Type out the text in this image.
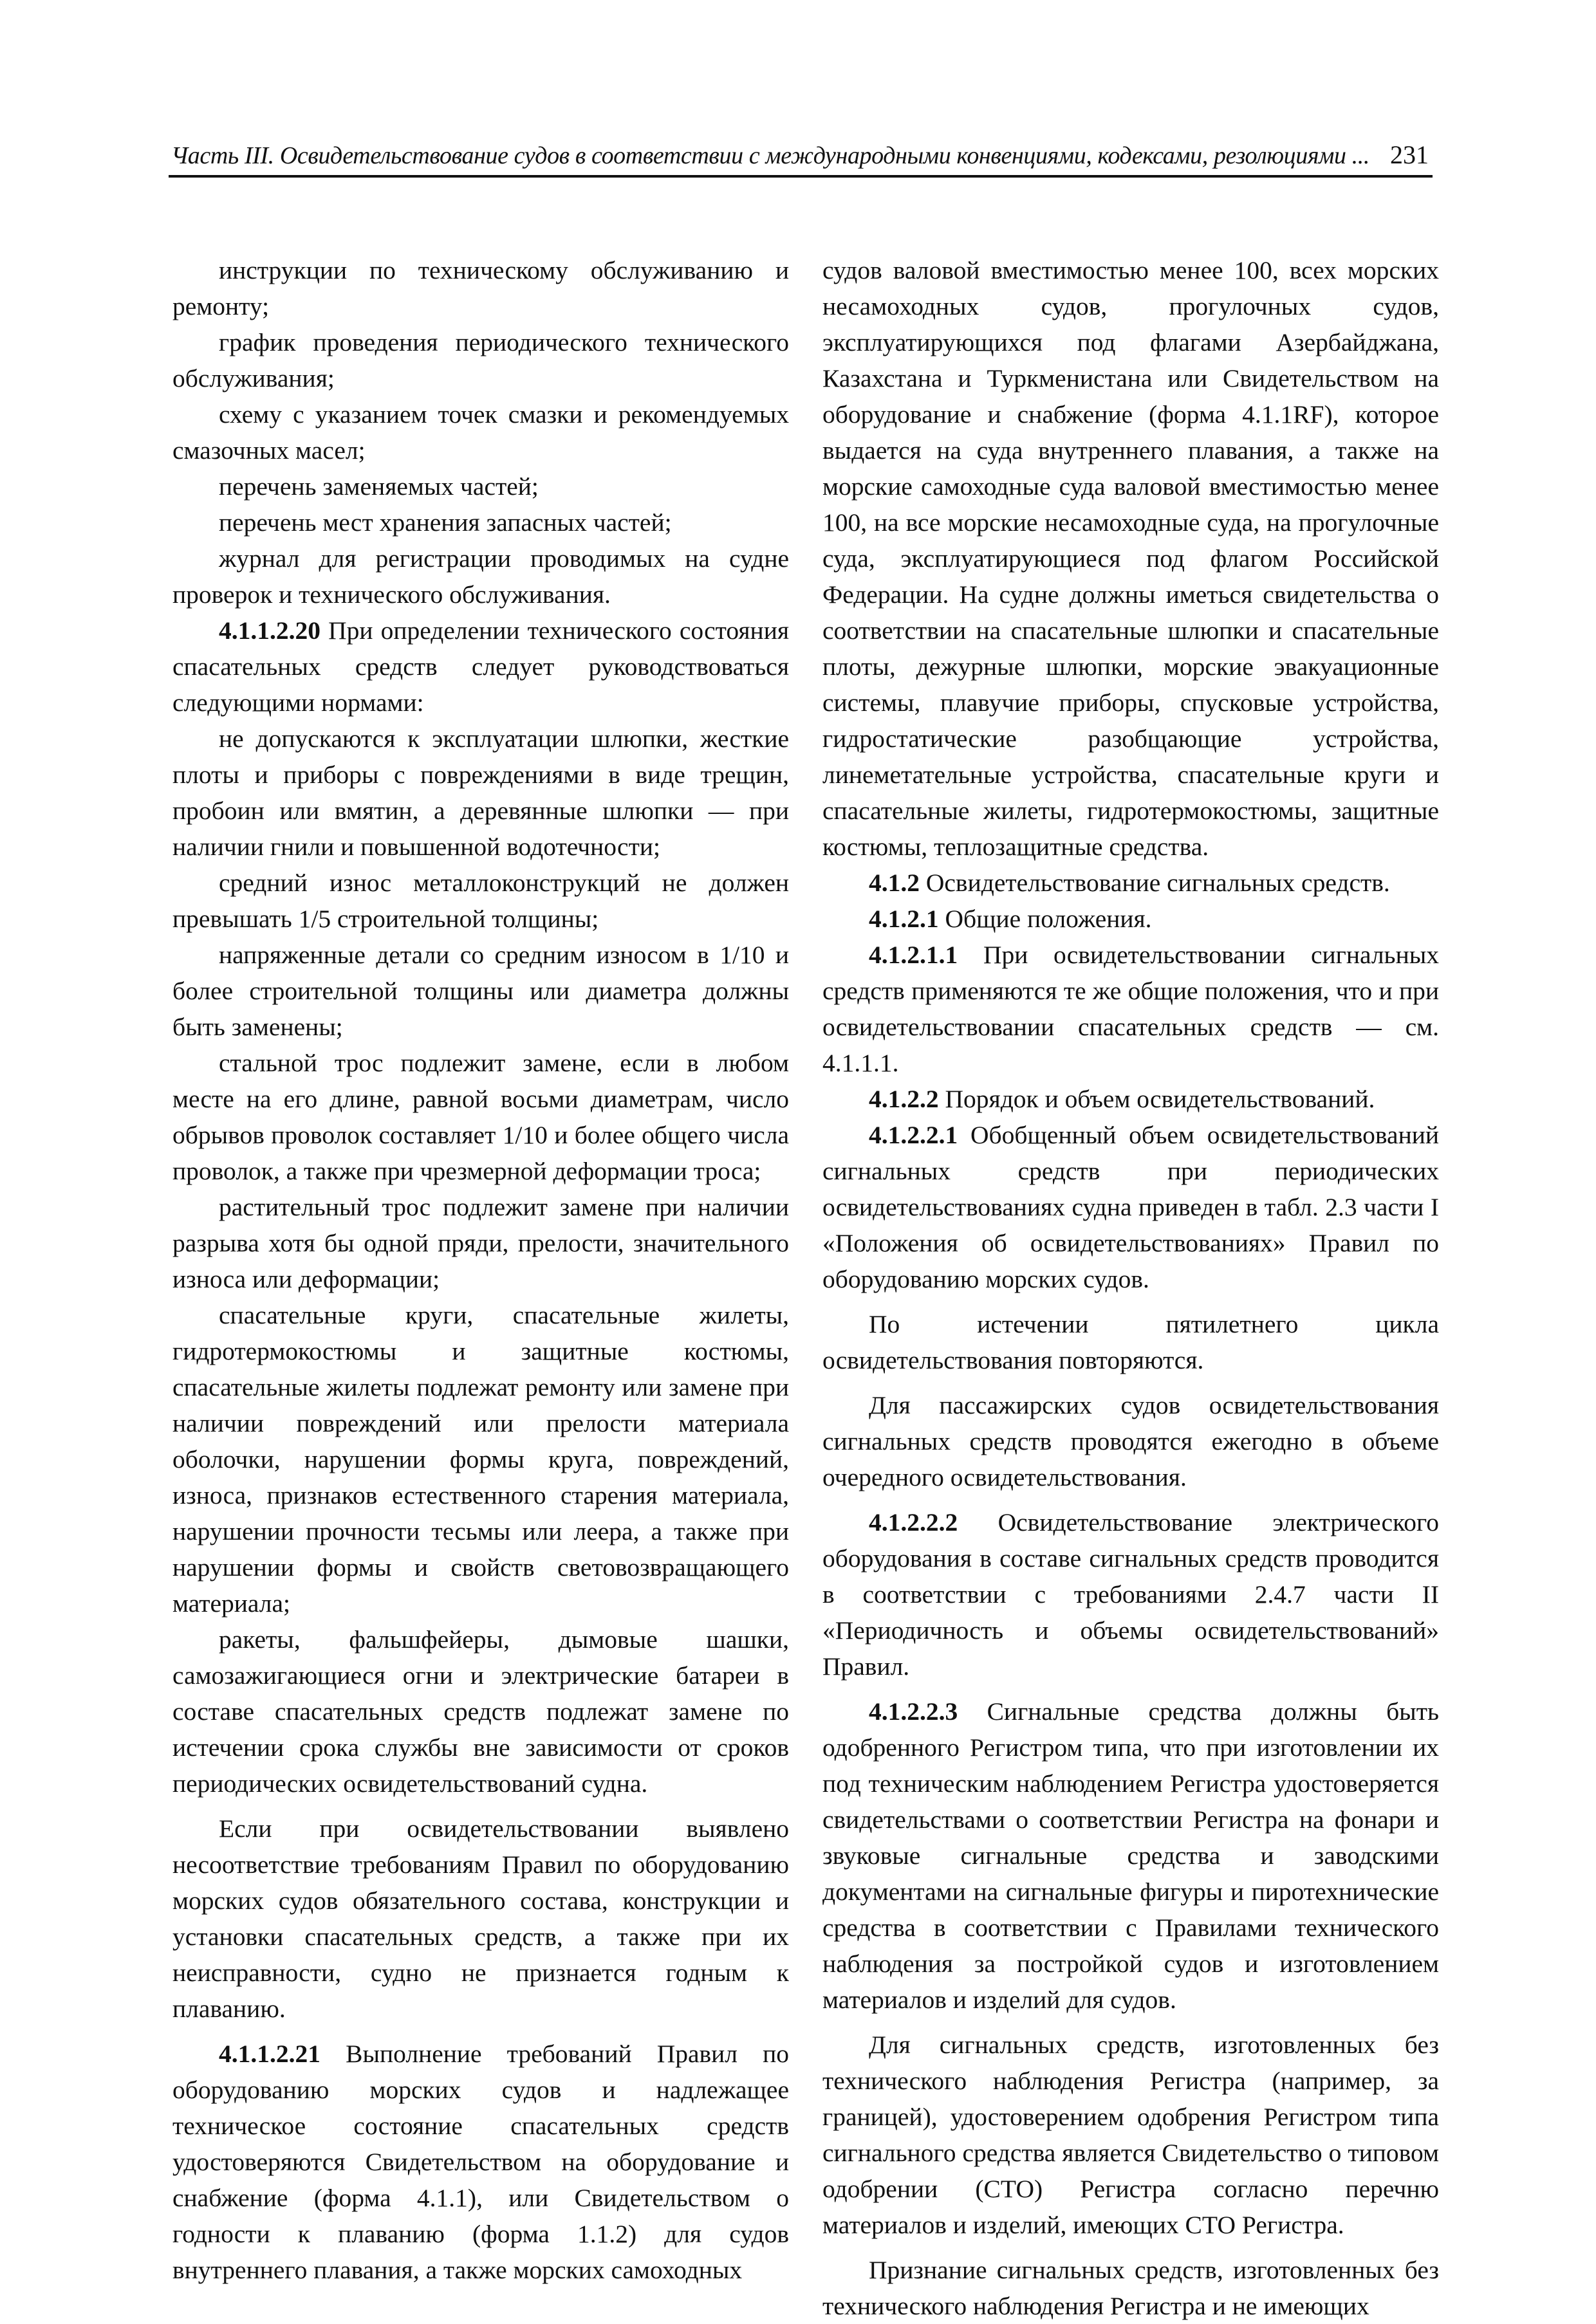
Часть III. Освидетельствование судов в соответствии с международными конвенциями, кодексами, резолюциями ... 231

инструкции по техническому обслуживанию и ремонту;

график проведения периодического технического обслуживания;

схему с указанием точек смазки и рекомендуемых смазочных масел;

перечень заменяемых частей;

перечень мест хранения запасных частей;

журнал для регистрации проводимых на судне проверок и технического обслуживания.

4.1.1.2.20 При определении технического состояния спасательных средств следует руководствоваться следующими нормами:

не допускаются к эксплуатации шлюпки, жесткие плоты и приборы с повреждениями в виде трещин, пробоин или вмятин, а деревянные шлюпки — при наличии гнили и повышенной водотечности;

средний износ металлоконструкций не должен превышать 1/5 строительной толщины;

напряженные детали со средним износом в 1/10 и более строительной толщины или диаметра должны быть заменены;

стальной трос подлежит замене, если в любом месте на его длине, равной восьми диаметрам, число обрывов проволок составляет 1/10 и более общего числа проволок, а также при чрезмерной деформации троса;

растительный трос подлежит замене при наличии разрыва хотя бы одной пряди, прелости, значительного износа или деформации;

спасательные круги, спасательные жилеты, гидротермокостюмы и защитные костюмы, спасательные жилеты подлежат ремонту или замене при наличии повреждений или прелости материала оболочки, нарушении формы круга, повреждений, износа, признаков естественного старения материала, нарушении прочности тесьмы или леера, а также при нарушении формы и свойств световозвращающего материала;

ракеты, фальшфейеры, дымовые шашки, самозажигающиеся огни и электрические батареи в составе спасательных средств подлежат замене по истечении срока службы вне зависимости от сроков периодических освидетельствований судна.

Если при освидетельствовании выявлено несоответствие требованиям Правил по оборудованию морских судов обязательного состава, конструкции и установки спасательных средств, а также при их неисправности, судно не признается годным к плаванию.

4.1.1.2.21 Выполнение требований Правил по оборудованию морских судов и надлежащее техническое состояние спасательных средств удостоверяются Свидетельством на оборудование и снабжение (форма 4.1.1), или Свидетельством о годности к плаванию (форма 1.1.2) для судов внутреннего плавания, а также морских самоходных

судов валовой вместимостью менее 100, всех морских несамоходных судов, прогулочных судов, эксплуатирующихся под флагами Азербайджана, Казахстана и Туркменистана или Свидетельством на оборудование и снабжение (форма 4.1.1RF), которое выдается на суда внутреннего плавания, а также на морские самоходные суда валовой вместимостью менее 100, на все морские несамоходные суда, на прогулочные суда, эксплуатирующиеся под флагом Российской Федерации. На судне должны иметься свидетельства о соответствии на спасательные шлюпки и спасательные плоты, дежурные шлюпки, морские эвакуационные системы, плавучие приборы, спусковые устройства, гидростатические разобщающие устройства, линеметательные устройства, спасательные круги и спасательные жилеты, гидротермокостюмы, защитные костюмы, теплозащитные средства.

4.1.2 Освидетельствование сигнальных средств.

4.1.2.1 Общие положения.

4.1.2.1.1 При освидетельствовании сигнальных средств применяются те же общие положения, что и при освидетельствовании спасательных средств — см. 4.1.1.1.

4.1.2.2 Порядок и объем освидетельствований.

4.1.2.2.1 Обобщенный объем освидетельствований сигнальных средств при периодических освидетельствованиях судна приведен в табл. 2.3 части I «Положения об освидетельствованиях» Правил по оборудованию морских судов.

По истечении пятилетнего цикла освидетельствования повторяются.

Для пассажирских судов освидетельствования сигнальных средств проводятся ежегодно в объеме очередного освидетельствования.

4.1.2.2.2 Освидетельствование электрического оборудования в составе сигнальных средств проводится в соответствии с требованиями 2.4.7 части II «Периодичность и объемы освидетельствований» Правил.

4.1.2.2.3 Сигнальные средства должны быть одобренного Регистром типа, что при изготовлении их под техническим наблюдением Регистра удостоверяется свидетельствами о соответствии Регистра на фонари и звуковые сигнальные средства и заводскими документами на сигнальные фигуры и пиротехнические средства в соответствии с Правилами технического наблюдения за постройкой судов и изготовлением материалов и изделий для судов.

Для сигнальных средств, изготовленных без технического наблюдения Регистра (например, за границей), удостоверением одобрения Регистром типа сигнального средства является Свидетельство о типовом одобрении (СТО) Регистра согласно перечню материалов и изделий, имеющих СТО Регистра.

Признание сигнальных средств, изготовленных без технического наблюдения Регистра и не имеющих
